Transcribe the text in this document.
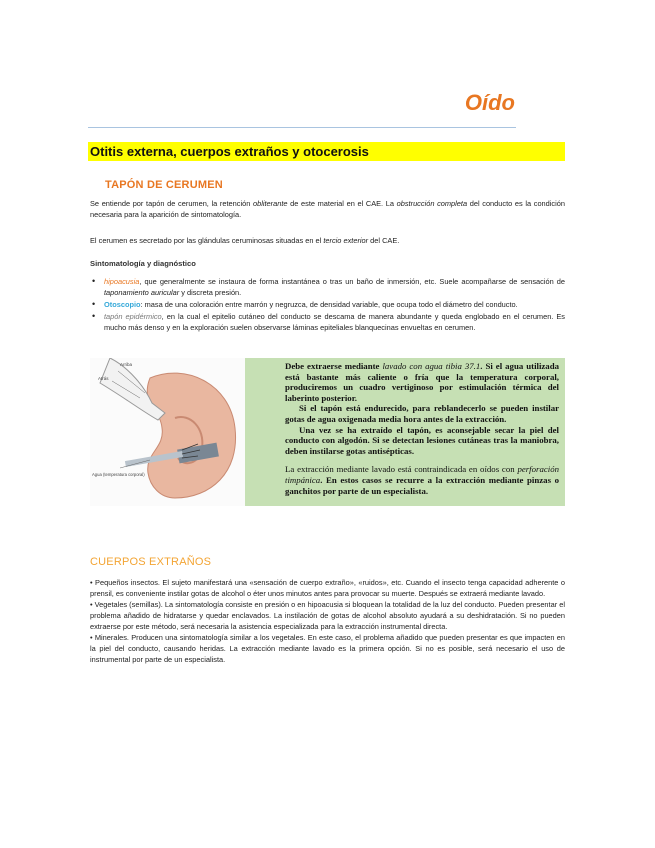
Oído
Otitis externa, cuerpos extraños y otocerosis
TAPÓN DE CERUMEN
Se entiende por tapón de cerumen, la retención obliterante de este material en el CAE. La obstrucción completa del conducto es la condición necesaria para la aparición de sintomatología.
El cerumen es secretado por las glándulas ceruminosas situadas en el tercio exterior del CAE.
Sintomatología y diagnóstico
• hipoacusia, que generalmente se instaura de forma instantánea o tras un baño de inmersión, etc. Suele acompañarse de sensación de taponamiento auricular y discreta presión.
• Otoscopio: masa de una coloración entre marrón y negruzca, de densidad variable, que ocupa todo el diámetro del conducto.
• tapón epidérmico, en la cual el epitelio cutáneo del conducto se descama de manera abundante y queda englobado en el cerumen. Es mucho más denso y en la exploración suelen observarse láminas epiteliales blanquecinas envueltas en cerumen.
Arriba
Atrás
Agua (temperatura corporal)

Debe extraerse mediante lavado con agua tibia 37.1. Si el agua utilizada está bastante más caliente o fría que la temperatura corporal, produciremos un cuadro vertiginoso por estimulación térmica del laberinto posterior.

Si el tapón está endurecido, para reblandecerlo se pueden instilar gotas de agua oxigenada media hora antes de la extracción.

Una vez se ha extraído el tapón, es aconsejable secar la piel del conducto con algodón. Si se detectan lesiones cutáneas tras la maniobra, deben instilarse gotas antisépticas.

La extracción mediante lavado está contraindicada en oídos con perforación timpánica. En estos casos se recurre a la extracción mediante pinzas o ganchitos por parte de un especialista.

CUERPOS EXTRAÑOS

• Pequeños insectos. El sujeto manifestará una «sensación de cuerpo extraño», «ruidos», etc. Cuando el insecto tenga capacidad adherente o prensil, es conveniente instilar gotas de alcohol o éter unos minutos antes para provocar su muerte. Después se extraerá mediante lavado.

• Vegetales (semillas). La sintomatología consiste en presión o en hipoacusia si bloquean la totalidad de la luz del conducto. Pueden presentar el problema añadido de hidratarse y quedar enclavados. La instilación de gotas de alcohol absoluto ayudará a su deshidratación. Si no pueden extraerse por este método, será necesaria la asistencia especializada para la extracción instrumental directa.

• Minerales. Producen una sintomatología similar a los vegetales. En este caso, el problema añadido que pueden presentar es que impacten en la piel del conducto, causando heridas. La extracción mediante lavado es la primera opción. Si no es posible, será necesario el uso de instrumental por parte de un especialista.
